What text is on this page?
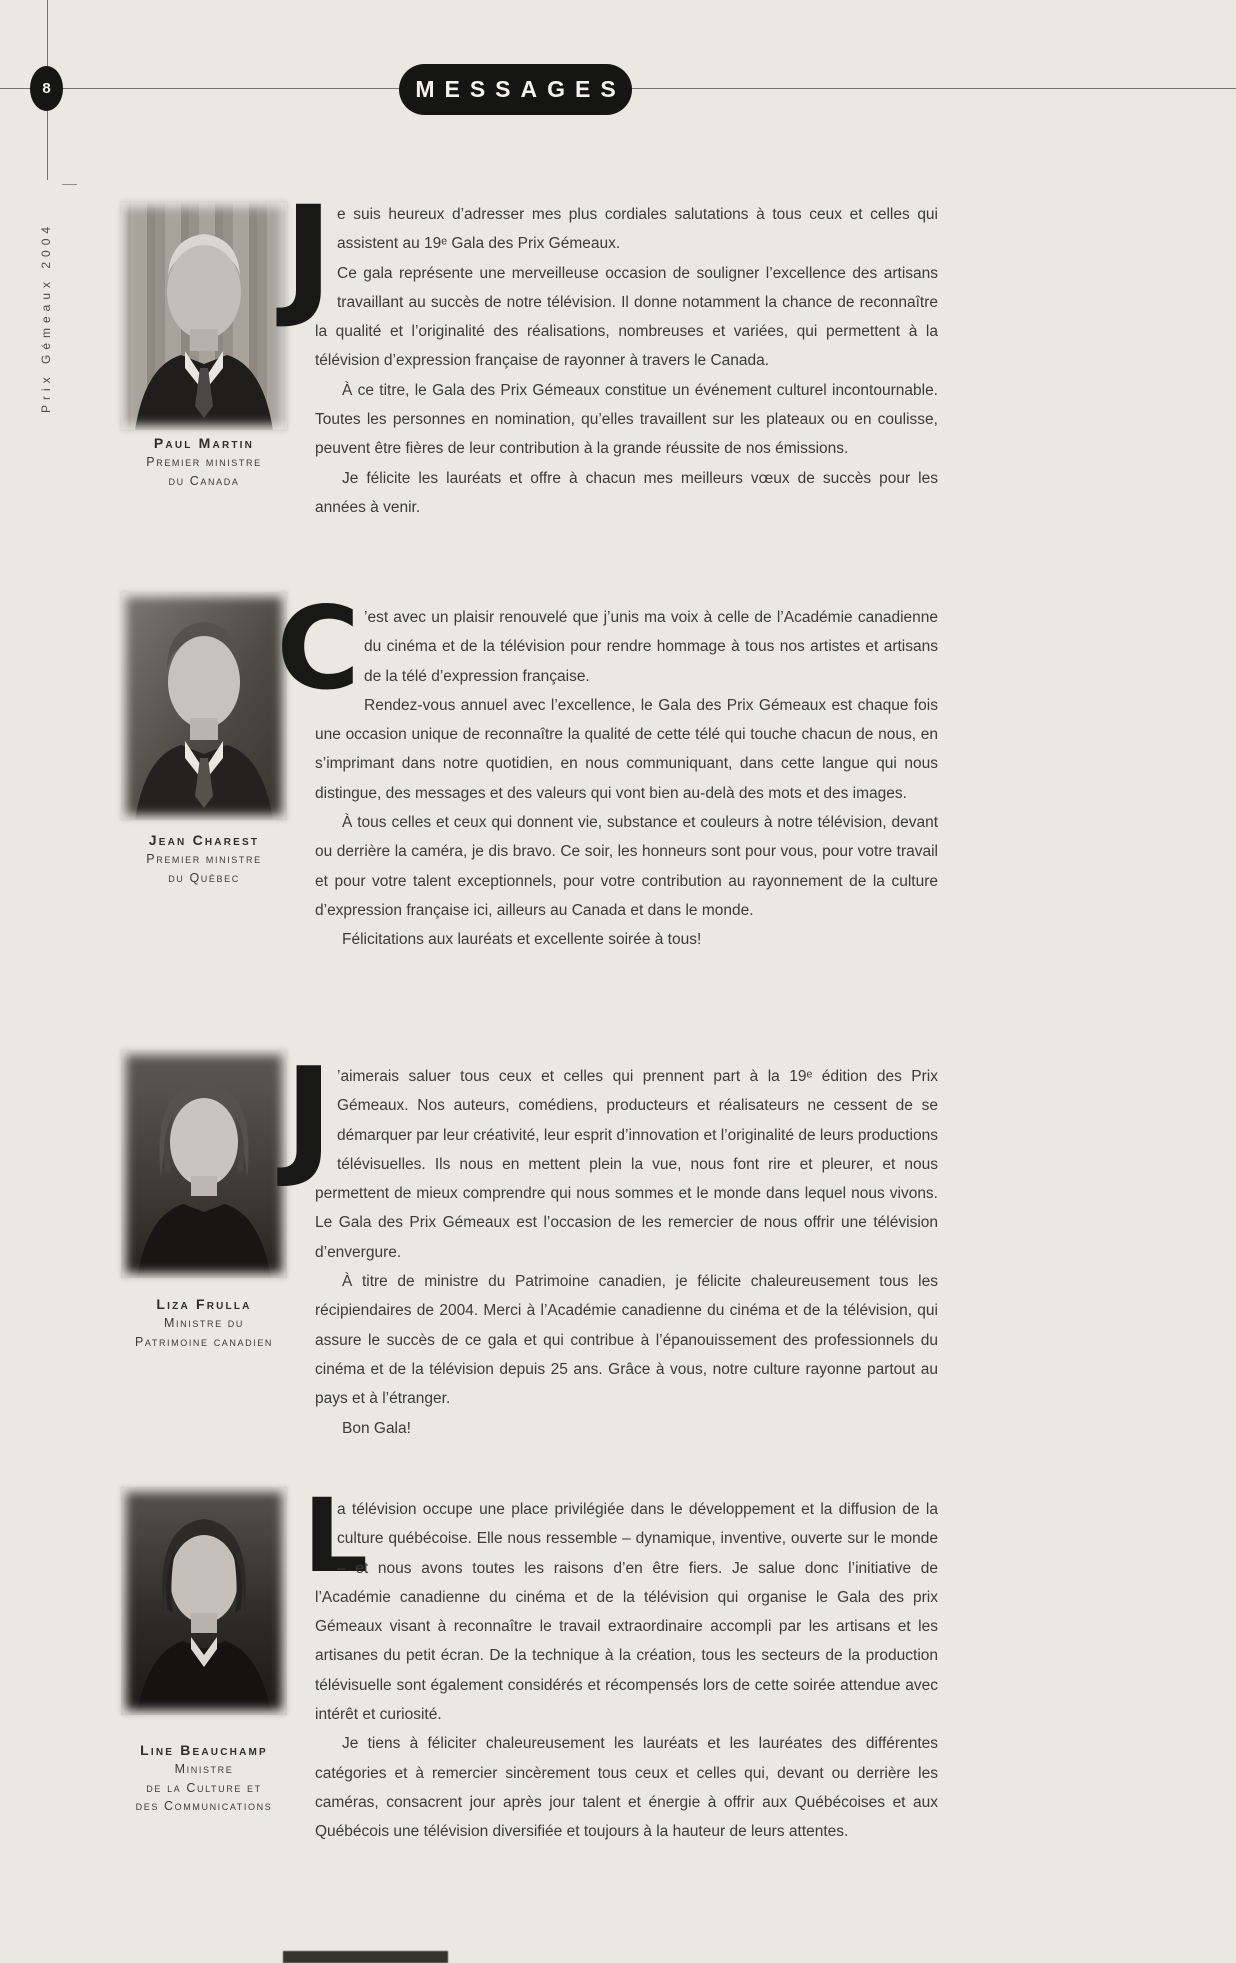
8	MESSAGES
Prix Gémeaux 2004
Paul Martin
Premier ministre
du Canada
J e suis heureux d’adresser mes plus cordiales salutations à tous ceux et celles qui assistent au 19ᵉ Gala des Prix Gémeaux.

Ce gala représente une merveilleuse occasion de souligner l’excellence des artisans travaillant au succès de notre télévision. Il donne notamment la chance de reconnaître la qualité et l’originalité des réalisations, nombreuses et variées, qui permettent à la télévision d’expression française de rayonner à travers le Canada.

À ce titre, le Gala des Prix Gémeaux constitue un événement culturel incontournable. Toutes les personnes en nomination, qu’elles travaillent sur les plateaux ou en coulisse, peuvent être fières de leur contribution à la grande réussite de nos émissions.

Je félicite les lauréats et offre à chacun mes meilleurs vœux de succès pour les années à venir.

Jean Charest
Premier ministre
du Québec
C ’est avec un plaisir renouvelé que j’unis ma voix à celle de l’Académie canadienne du cinéma et de la télévision pour rendre hommage à tous nos artistes et artisans de la télé d’expression française.

Rendez-vous annuel avec l’excellence, le Gala des Prix Gémeaux est chaque fois une occasion unique de reconnaître la qualité de cette télé qui touche chacun de nous, en s’imprimant dans notre quotidien, en nous communiquant, dans cette langue qui nous distingue, des messages et des valeurs qui vont bien au-delà des mots et des images.

À tous celles et ceux qui donnent vie, substance et couleurs à notre télévision, devant ou derrière la caméra, je dis bravo. Ce soir, les honneurs sont pour vous, pour votre travail et pour votre talent exceptionnels, pour votre contribution au rayonnement de la culture d’expression française ici, ailleurs au Canada et dans le monde.

Félicitations aux lauréats et excellente soirée à tous!

Liza Frulla
Ministre du
Patrimoine canadien
J ’aimerais saluer tous ceux et celles qui prennent part à la 19ᵉ édition des Prix Gémeaux. Nos auteurs, comédiens, producteurs et réalisateurs ne cessent de se démarquer par leur créativité, leur esprit d’innovation et l’originalité de leurs productions télévisuelles. Ils nous en mettent plein la vue, nous font rire et pleurer, et nous permettent de mieux comprendre qui nous sommes et le monde dans lequel nous vivons. Le Gala des Prix Gémeaux est l’occasion de les remercier de nous offrir une télévision d’envergure.

À titre de ministre du Patrimoine canadien, je félicite chaleureusement tous les récipiendaires de 2004. Merci à l’Académie canadienne du cinéma et de la télévision, qui assure le succès de ce gala et qui contribue à l’épanouissement des professionnels du cinéma et de la télévision depuis 25 ans. Grâce à vous, notre culture rayonne partout au pays et à l’étranger.

Bon Gala!

Line Beauchamp
Ministre
de la Culture et
des Communications
L

a télévision occupe une place privilégiée dans le développement et la diffusion de la culture québécoise. Elle nous ressemble – dynamique, inventive, ouverte sur le monde – et nous avons toutes les raisons d’en être fiers. Je salue donc l’initiative de l’Académie canadienne du cinéma et de la télévision qui organise le Gala des prix Gémeaux visant à reconnaître le travail extraordinaire accompli par les artisans et les artisanes du petit écran. De la technique à la création, tous les secteurs de la production télévisuelle sont également considérés et récompensés lors de cette soirée attendue avec intérêt et curiosité.

Je tiens à féliciter chaleureusement les lauréats et les lauréates des différentes catégories et à remercier sincèrement tous ceux et celles qui, devant ou derrière les caméras, consacrent jour après jour talent et énergie à offrir aux Québécoises et aux Québécois une télévision diversifiée et toujours à la hauteur de leurs attentes.
